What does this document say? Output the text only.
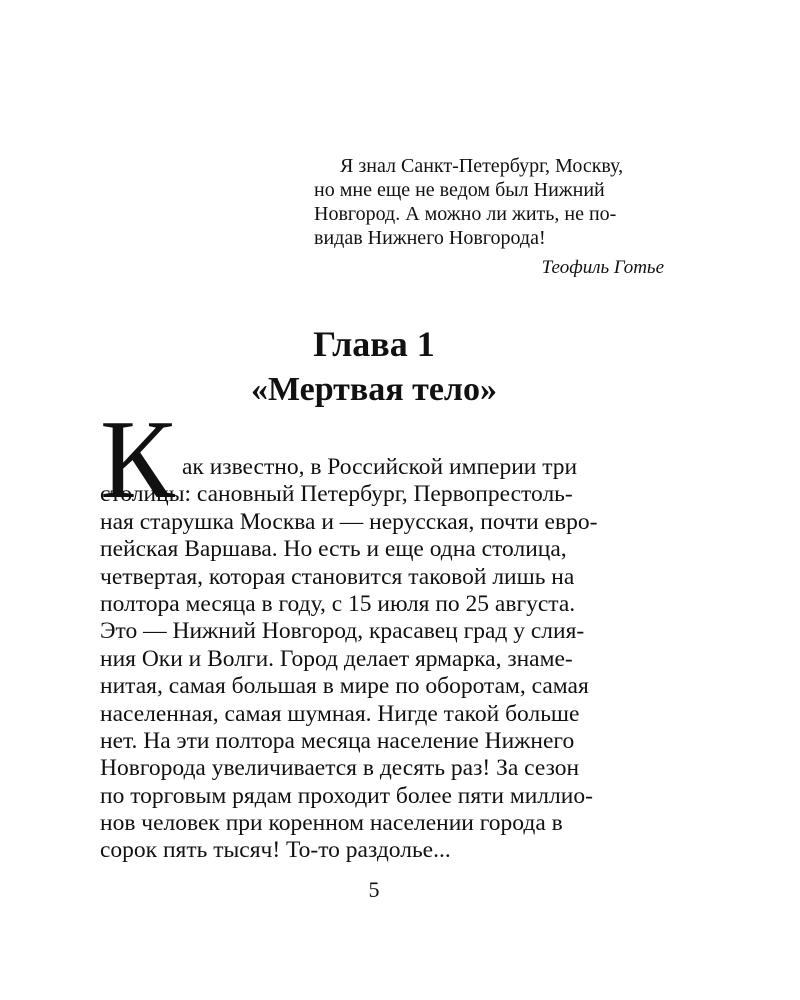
Я знал Санкт-Петербург, Москву,
но мне еще не ведом был Нижний
Новгород. А можно ли жить, не по-
видав Нижнего Новгорода!
Теофиль Готье
Глава 1
«Мертвая тело»
К ак известно, в Российской империи три
столицы: сановный Петербург, Первопрестоль-
ная старушка Москва и — нерусская, почти евро-
пейская Варшава. Но есть и еще одна столица,
четвертая, которая становится таковой лишь на
полтора месяца в году, с 15 июля по 25 августа.
Это — Нижний Новгород, красавец град у слия-
ния Оки и Волги. Город делает ярмарка, знаме-
нитая, самая большая в мире по оборотам, самая
населенная, самая шумная. Нигде такой больше
нет. На эти полтора месяца население Нижнего
Новгорода увеличивается в десять раз! За сезон
по торговым рядам проходит более пяти миллио-
нов человек при коренном населении города в
сорок пять тысяч! То-то раздолье...
5
